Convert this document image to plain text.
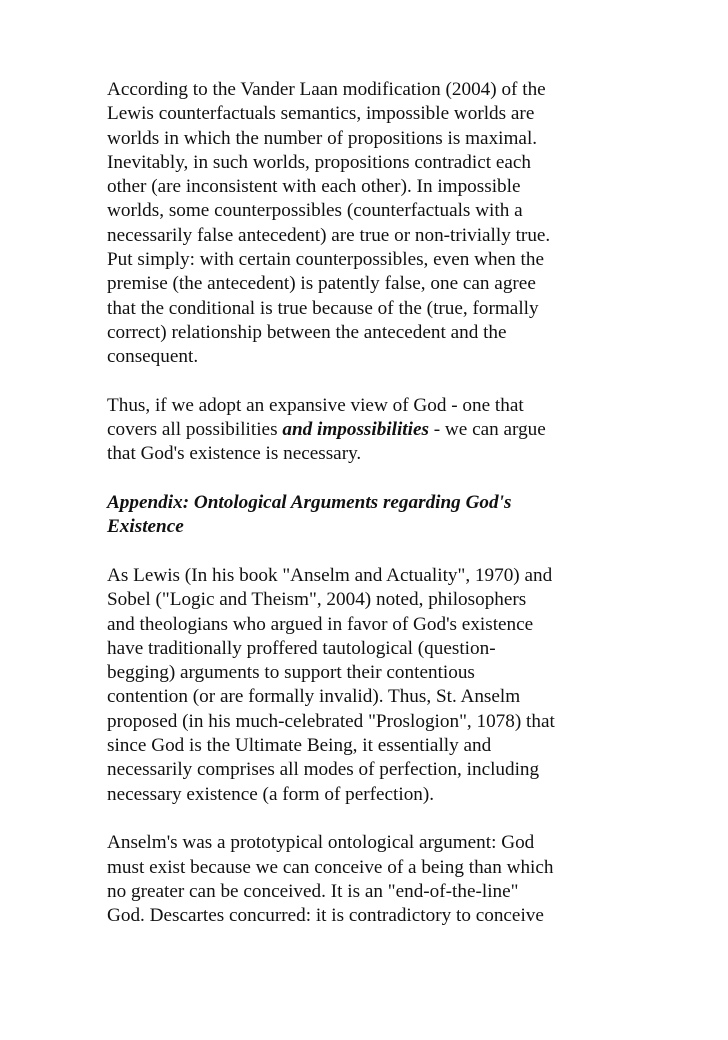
According to the Vander Laan modification (2004) of the
Lewis counterfactuals semantics, impossible worlds are
worlds in which the number of propositions is maximal.
Inevitably, in such worlds, propositions contradict each
other (are inconsistent with each other). In impossible
worlds, some counterpossibles (counterfactuals with a
necessarily false antecedent) are true or non-trivially true.
Put simply: with certain counterpossibles, even when the
premise (the antecedent) is patently false, one can agree
that the conditional is true because of the (true, formally
correct) relationship between the antecedent and the
consequent.

Thus, if we adopt an expansive view of God - one that
covers all possibilities and impossibilities - we can argue
that God's existence is necessary.

Appendix: Ontological Arguments regarding God's
Existence

As Lewis (In his book "Anselm and Actuality", 1970) and
Sobel ("Logic and Theism", 2004) noted, philosophers
and theologians who argued in favor of God's existence
have traditionally proffered tautological (question-
begging) arguments to support their contentious
contention (or are formally invalid). Thus, St. Anselm
proposed (in his much-celebrated "Proslogion", 1078) that
since God is the Ultimate Being, it essentially and
necessarily comprises all modes of perfection, including
necessary existence (a form of perfection).

Anselm's was a prototypical ontological argument: God
must exist because we can conceive of a being than which
no greater can be conceived. It is an "end-of-the-line"
God. Descartes concurred: it is contradictory to conceive
